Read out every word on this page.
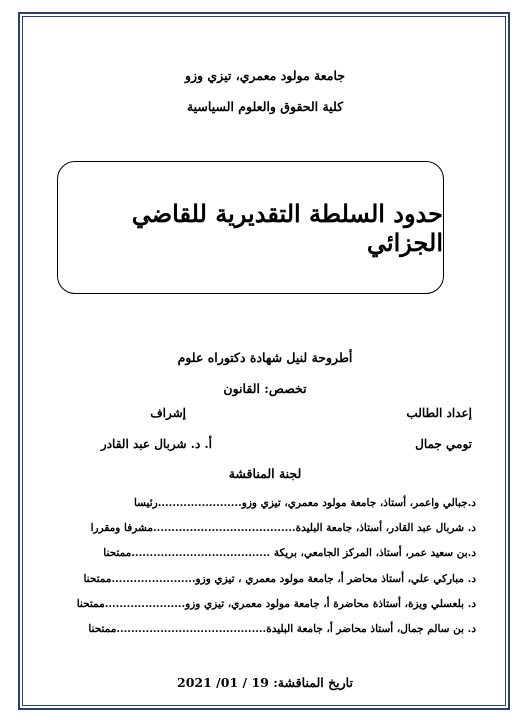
جامعة مولود معمري، تيزي وزو
كلية الحقوق والعلوم السياسية
حدود السلطة التقديرية للقاضي الجزائي
أطروحة لنيل شهادة دكتوراه علوم
تخصص: القانون
إعداد الطالب
إشراف
تومي جمال
أ. د. شربال عبد القادر
لجنة المناقشة
د.جبالي واعمر، أستاذ، جامعة مولود معمري، تيزي وزو.......................رئيسا
د. شربال عبد القادر، أستاذ، جامعة البليدة.......................................مشرفا ومقررا
د.بن سعيد عمر، أستاذ، المركز الجامعي، بريكة ......................................ممتحنا
د. مباركي علي، أستاذ محاضر أ، جامعة مولود معمري ، تيزي وزو.......................ممتحنا
د. بلعسلي ويزة، أستاذة محاضرة أ، جامعة مولود معمري، تيزي وزو......................ممتحنا
د. بن سالم جمال، أستاذ محاضر أ، جامعة البليدة.........................................ممتحنا
تاريخ المناقشة: 19 / 01/ 2021
